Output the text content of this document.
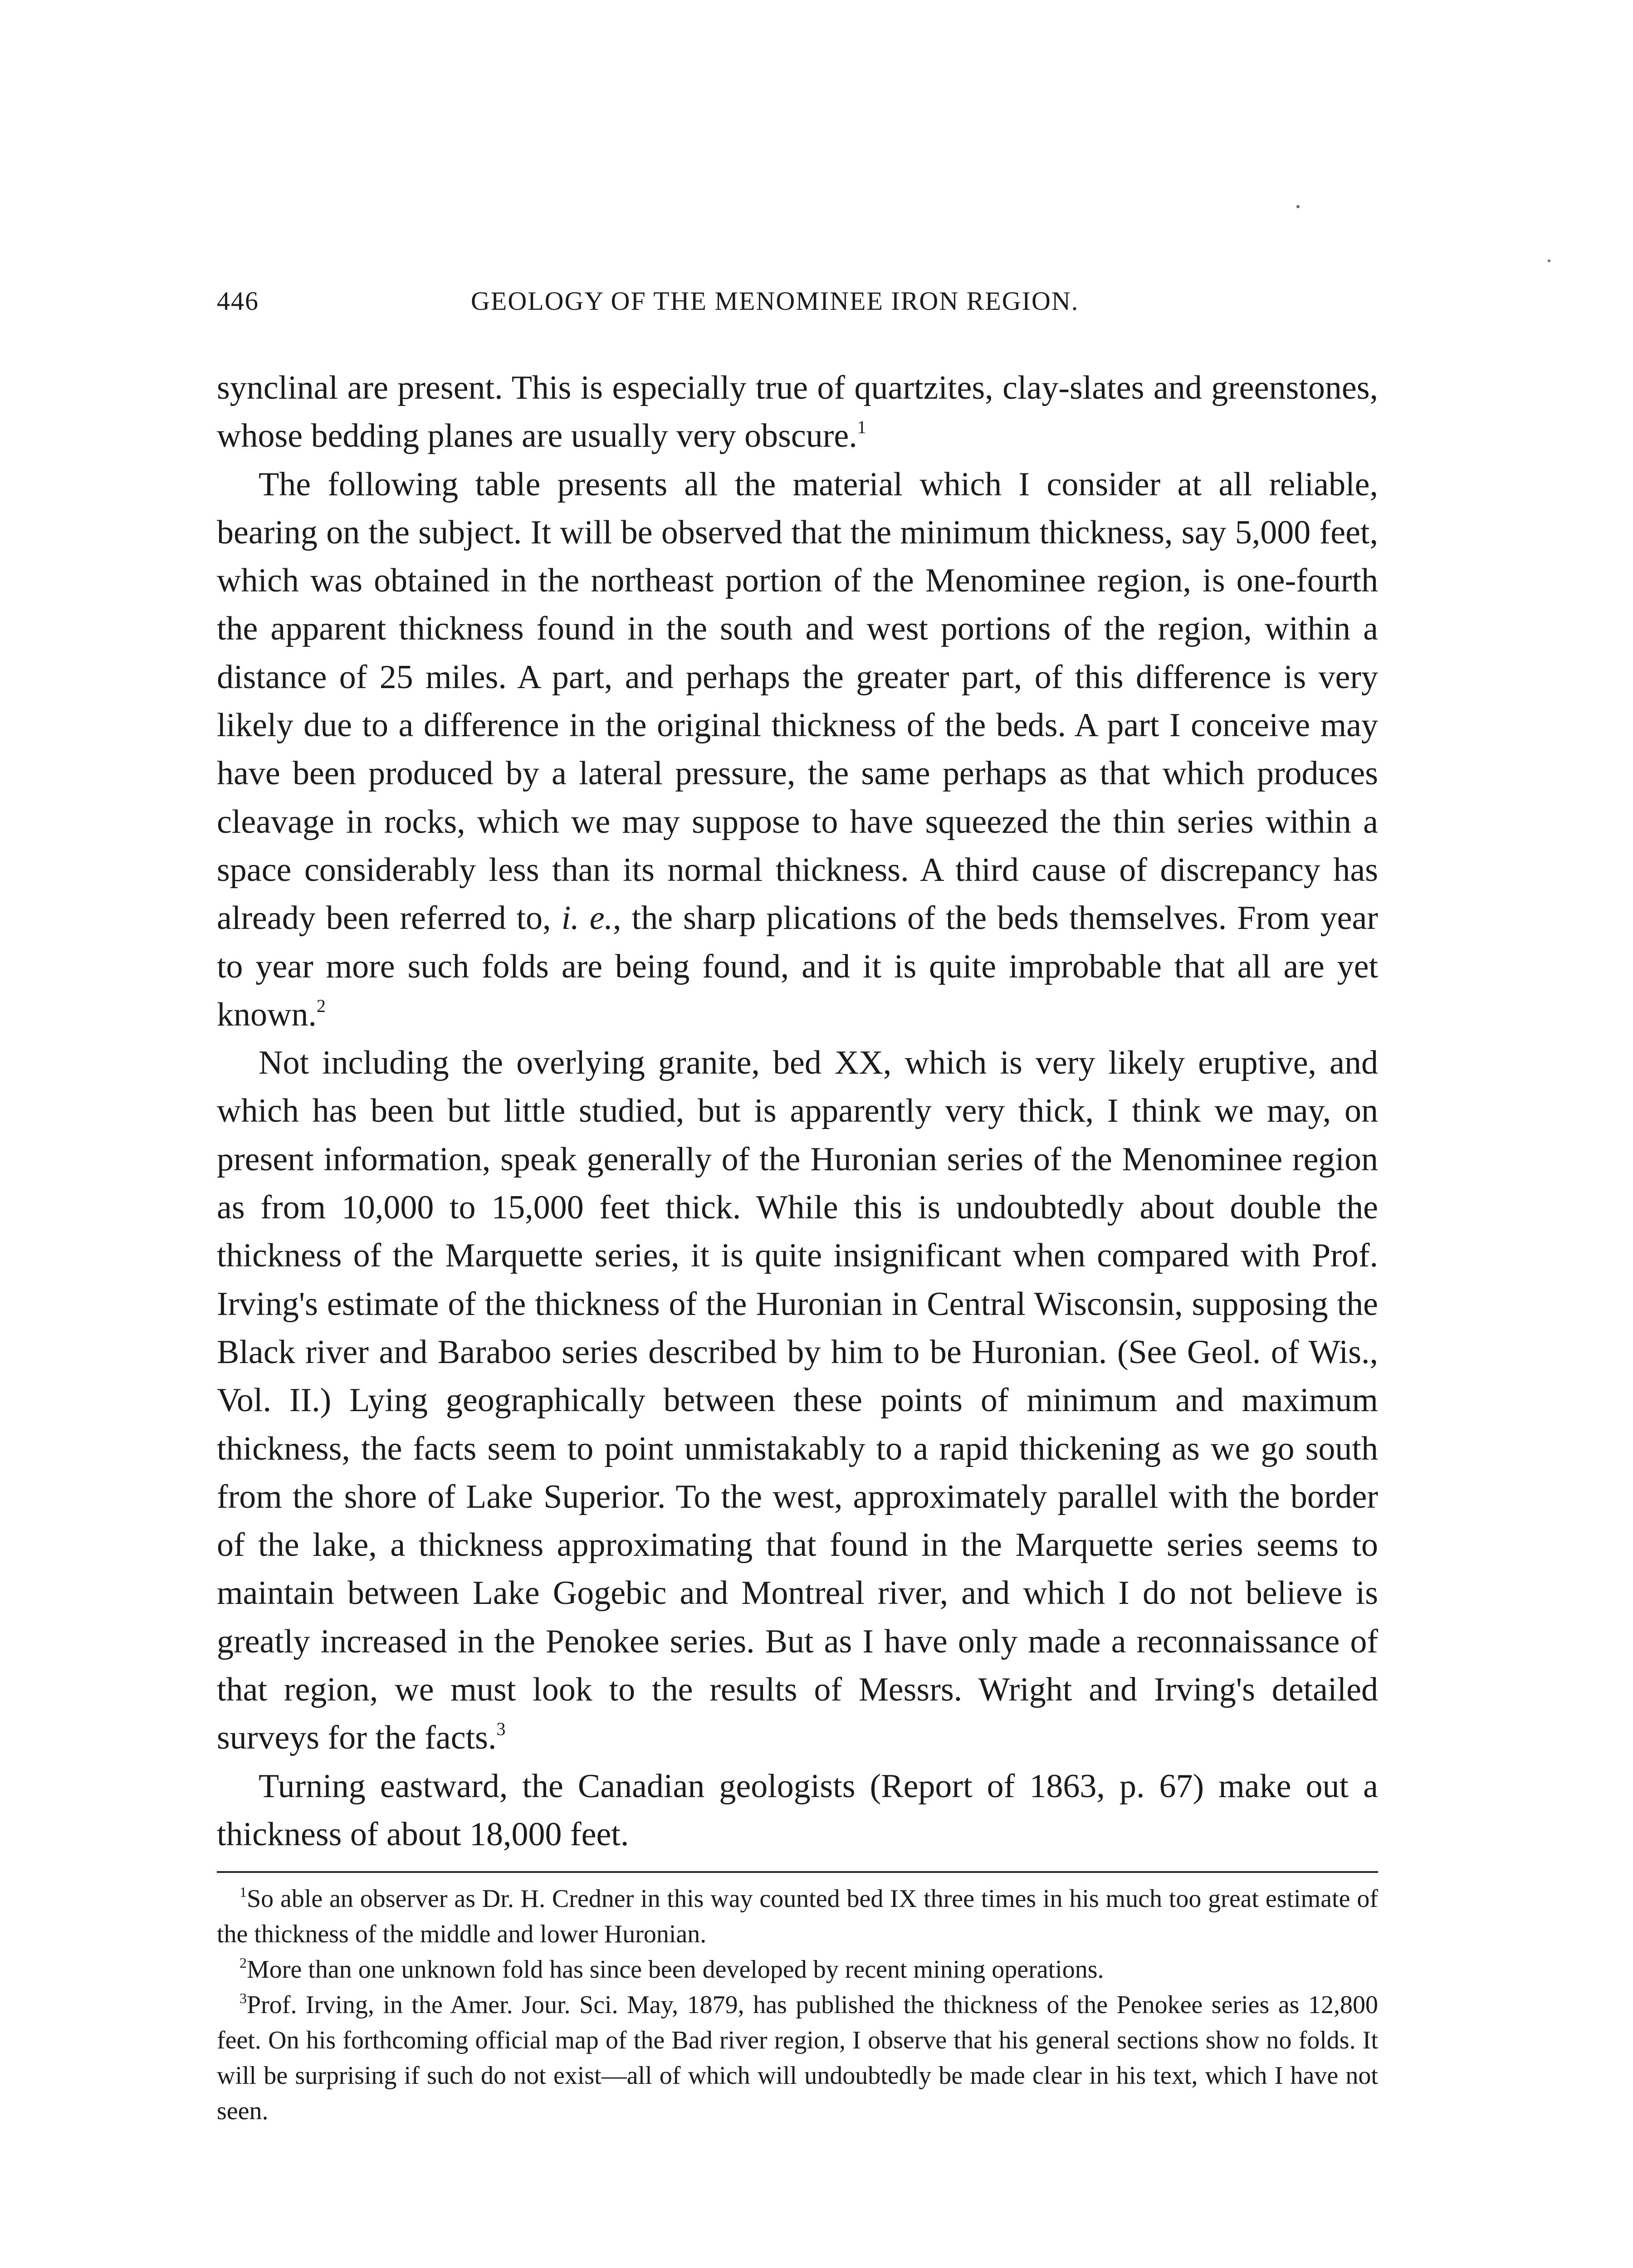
446	GEOLOGY OF THE MENOMINEE IRON REGION.

synclinal are present. This is especially true of quartzites, clay-slates and greenstones, whose bedding planes are usually very obscure.$^1$

The following table presents all the material which I consider at all reliable, bearing on the subject. It will be observed that the minimum thickness, say 5,000 feet, which was obtained in the northeast portion of the Menominee region, is one-fourth the apparent thickness found in the south and west portions of the region, within a distance of 25 miles. A part, and perhaps the greater part, of this difference is very likely due to a difference in the original thickness of the beds. A part I conceive may have been produced by a lateral pressure, the same perhaps as that which produces cleavage in rocks, which we may suppose to have squeezed the thin series within a space considerably less than its normal thickness. A third cause of discrepancy has already been referred to, i. e., the sharp plications of the beds themselves. From year to year more such folds are being found, and it is quite improbable that all are yet known.$^2$

Not including the overlying granite, bed XX, which is very likely eruptive, and which has been but little studied, but is apparently very thick, I think we may, on present information, speak generally of the Huronian series of the Menominee region as from 10,000 to 15,000 feet thick. While this is undoubtedly about double the thickness of the Marquette series, it is quite insignificant when compared with Prof. Irving's estimate of the thickness of the Huronian in Central Wisconsin, supposing the Black river and Baraboo series described by him to be Huronian. (See Geol. of Wis., Vol. II.) Lying geographically between these points of minimum and maximum thickness, the facts seem to point unmistakably to a rapid thickening as we go south from the shore of Lake Superior. To the west, approximately parallel with the border of the lake, a thickness approximating that found in the Marquette series seems to maintain between Lake Gogebic and Montreal river, and which I do not believe is greatly increased in the Penokee series. But as I have only made a reconnaissance of that region, we must look to the results of Messrs. Wright and Irving's detailed surveys for the facts.$^3$

Turning eastward, the Canadian geologists (Report of 1863, p. 67) make out a thickness of about 18,000 feet.

$^1$So able an observer as Dr. H. Credner in this way counted bed IX three times in his much too great estimate of the thickness of the middle and lower Huronian.

$^2$More than one unknown fold has since been developed by recent mining operations.

$^3$Prof. Irving, in the Amer. Jour. Sci. May, 1879, has published the thickness of the Penokee series as 12,800 feet. On his forthcoming official map of the Bad river region, I observe that his general sections show no folds. It will be surprising if such do not exist—all of which will undoubtedly be made clear in his text, which I have not seen.
